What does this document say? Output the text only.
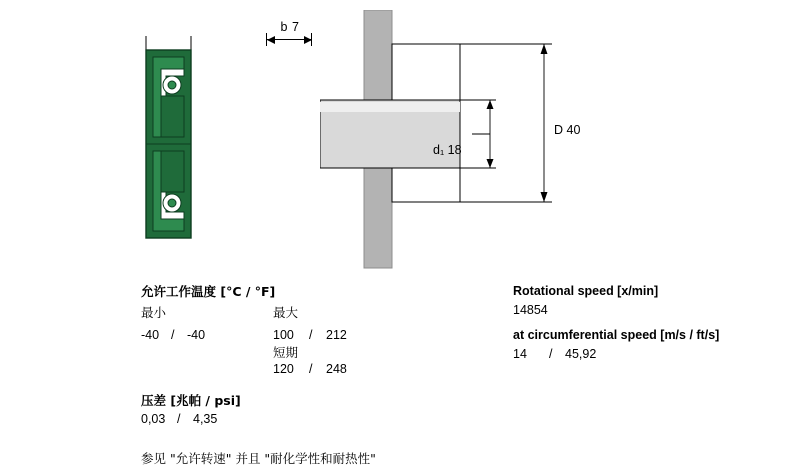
b 7
D 40
d₁ 18
允许工作温度 [°C / °F]
最小	最大
-40 / -40	100 / 212
短期
120 / 248
压差 [兆帕 / psi]
0,03 / 4,35
参见 "允许转速" 并且 "耐化学性和耐热性"
Rotational speed [x/min]
14854
at circumferential speed [m/s / ft/s]
14 / 45,92
